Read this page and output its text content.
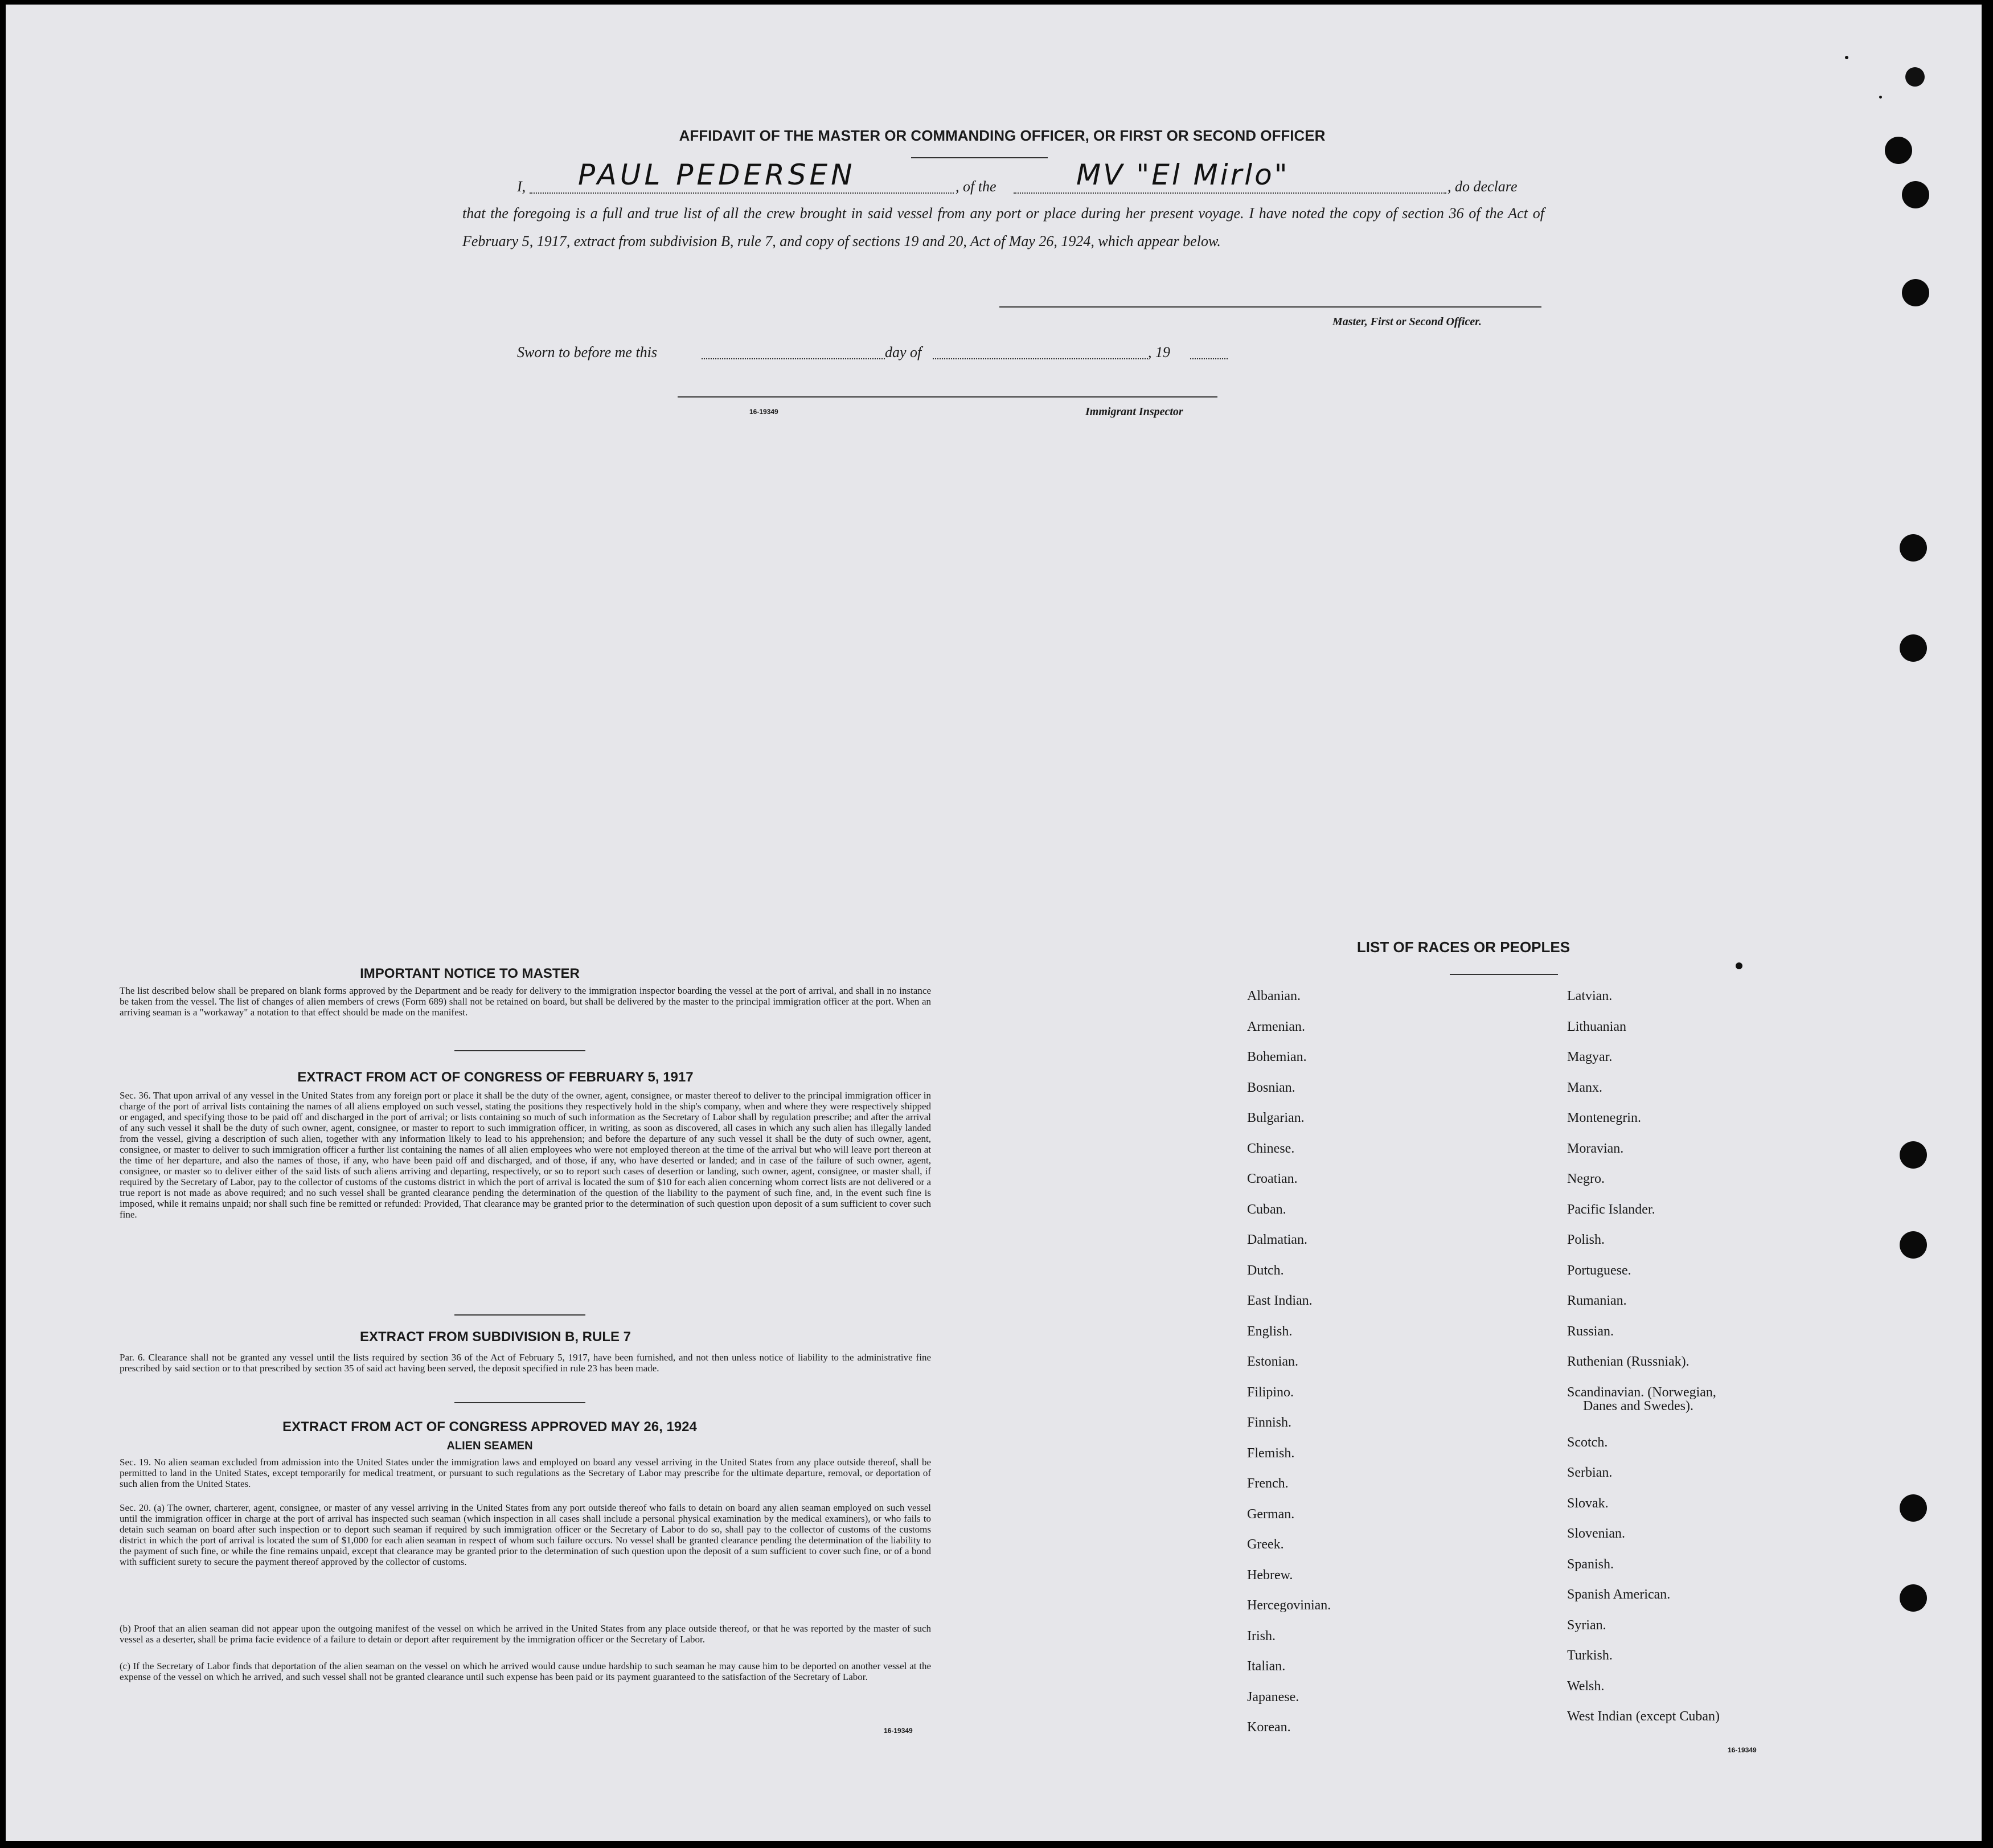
AFFIDAVIT OF THE MASTER OR COMMANDING OFFICER, OR FIRST OR SECOND OFFICER
I, PAUL PEDERSEN	, of the	MV "El Mirlo"	, do declare
that the foregoing is a full and true list of all the crew brought in said vessel from any port or place during her present voyage. I have noted the copy of section 36 of the Act of February 5, 1917, extract from subdivision B, rule 7, and copy of sections 19 and 20, Act of May 26, 1924, which appear below.
Master, First or Second Officer.
Sworn to before me this	day of	, 19
16-19349	Immigrant Inspector
IMPORTANT NOTICE TO MASTER
The list described below shall be prepared on blank forms approved by the Department and be ready for delivery to the immigration inspector boarding the vessel at the port of arrival, and shall in no instance be taken from the vessel. The list of changes of alien members of crews (Form 689) shall not be retained on board, but shall be delivered by the master to the principal immigration officer at the port. When an arriving seaman is a "workaway" a notation to that effect should be made on the manifest.
EXTRACT FROM ACT OF CONGRESS OF FEBRUARY 5, 1917
Sec. 36. That upon arrival of any vessel in the United States from any foreign port or place it shall be the duty of the owner, agent, consignee, or master thereof to deliver to the principal immigration officer in charge of the port of arrival lists containing the names of all aliens employed on such vessel, stating the positions they respectively hold in the ship's company, when and where they were respectively shipped or engaged, and specifying those to be paid off and discharged in the port of arrival; or lists containing so much of such information as the Secretary of Labor shall by regulation prescribe; and after the arrival of any such vessel it shall be the duty of such owner, agent, consignee, or master to report to such immigration officer, in writing, as soon as discovered, all cases in which any such alien has illegally landed from the vessel, giving a description of such alien, together with any information likely to lead to his apprehension; and before the departure of any such vessel it shall be the duty of such owner, agent, consignee, or master to deliver to such immigration officer a further list containing the names of all alien employees who were not employed thereon at the time of the arrival but who will leave port thereon at the time of her departure, and also the names of those, if any, who have been paid off and discharged, and of those, if any, who have deserted or landed; and in case of the failure of such owner, agent, consignee, or master so to deliver either of the said lists of such aliens arriving and departing, respectively, or so to report such cases of desertion or landing, such owner, agent, consignee, or master shall, if required by the Secretary of Labor, pay to the collector of customs of the customs district in which the port of arrival is located the sum of $10 for each alien concerning whom correct lists are not delivered or a true report is not made as above required; and no such vessel shall be granted clearance pending the determination of the question of the liability to the payment of such fine, and, in the event such fine is imposed, while it remains unpaid; nor shall such fine be remitted or refunded: Provided, That clearance may be granted prior to the determination of such question upon deposit of a sum sufficient to cover such fine.
EXTRACT FROM SUBDIVISION B, RULE 7
Par. 6. Clearance shall not be granted any vessel until the lists required by section 36 of the Act of February 5, 1917, have been furnished, and not then unless notice of liability to the administrative fine prescribed by said section or to that prescribed by section 35 of said act having been served, the deposit specified in rule 23 has been made.
EXTRACT FROM ACT OF CONGRESS APPROVED MAY 26, 1924
ALIEN SEAMEN
Sec. 19. No alien seaman excluded from admission into the United States under the immigration laws and employed on board any vessel arriving in the United States from any place outside thereof, shall be permitted to land in the United States, except temporarily for medical treatment, or pursuant to such regulations as the Secretary of Labor may prescribe for the ultimate departure, removal, or deportation of such alien from the United States.
Sec. 20. (a) The owner, charterer, agent, consignee, or master of any vessel arriving in the United States from any port outside thereof who fails to detain on board any alien seaman employed on such vessel until the immigration officer in charge at the port of arrival has inspected such seaman (which inspection in all cases shall include a personal physical examination by the medical examiners), or who fails to detain such seaman on board after such inspection or to deport such seaman if required by such immigration officer or the Secretary of Labor to do so, shall pay to the collector of customs of the customs district in which the port of arrival is located the sum of $1,000 for each alien seaman in respect of whom such failure occurs. No vessel shall be granted clearance pending the determination of the liability to the payment of such fine, or while the fine remains unpaid, except that clearance may be granted prior to the determination of such question upon the deposit of a sum sufficient to cover such fine, or of a bond with sufficient surety to secure the payment thereof approved by the collector of customs.
(b) Proof that an alien seaman did not appear upon the outgoing manifest of the vessel on which he arrived in the United States from any place outside thereof, or that he was reported by the master of such vessel as a deserter, shall be prima facie evidence of a failure to detain or deport after requirement by the immigration officer or the Secretary of Labor.
(c) If the Secretary of Labor finds that deportation of the alien seaman on the vessel on which he arrived would cause undue hardship to such seaman he may cause him to be deported on another vessel at the expense of the vessel on which he arrived, and such vessel shall not be granted clearance until such expense has been paid or its payment guaranteed to the satisfaction of the Secretary of Labor.
16-19349
LIST OF RACES OR PEOPLES
Albanian.
Armenian.
Bohemian.
Bosnian.
Bulgarian.
Chinese.
Croatian.
Cuban.
Dalmatian.
Dutch.
East Indian.
English.
Estonian.
Filipino.
Finnish.
Flemish.
French.
German.
Greek.
Hebrew.
Hercegovinian.
Irish.
Italian.
Japanese.
Korean.
Latvian.
Lithuanian
Magyar.
Manx.
Montenegrin.
Moravian.
Negro.
Pacific Islander.
Polish.
Portuguese.
Rumanian.
Russian.
Ruthenian (Russniak).
Scandinavian. (Norwegian,
Danes and Swedes).
Scotch.
Serbian.
Slovak.
Slovenian.
Spanish.
Spanish American.
Syrian.
Turkish.
Welsh.
West Indian (except Cuban)
16-19349
